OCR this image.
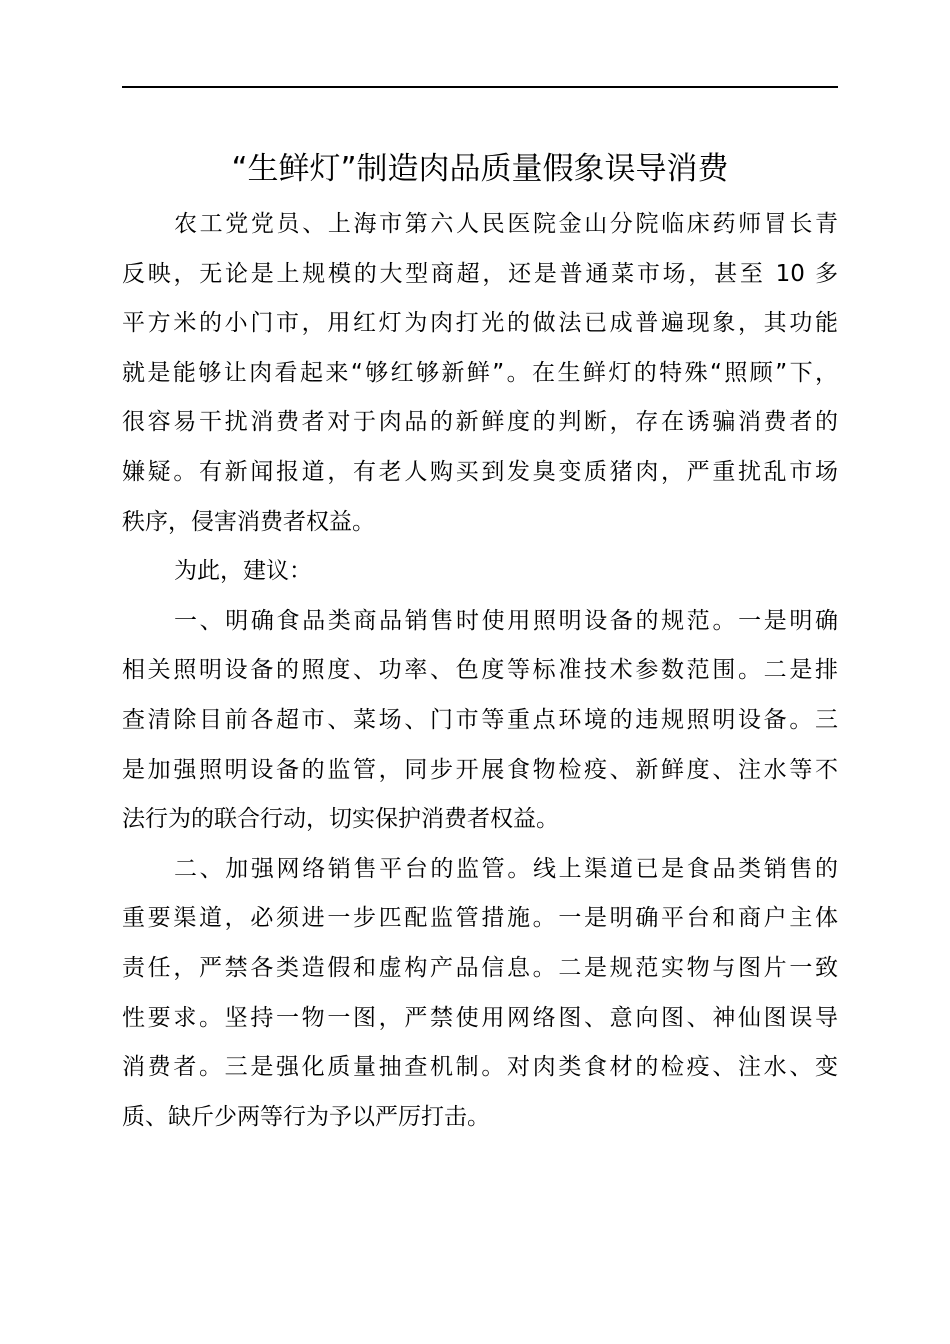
“生鲜灯”制造肉品质量假象误导消费
农工党党员、上海市第六人民医院金山分院临床药师冒长青
反映，无论是上规模的大型商超，还是普通菜市场，甚至 10 多
平方米的小门市，用红灯为肉打光的做法已成普遍现象，其功能
就是能够让肉看起来“够红够新鲜”。在生鲜灯的特殊“照顾”下，
很容易干扰消费者对于肉品的新鲜度的判断，存在诱骗消费者的
嫌疑。有新闻报道，有老人购买到发臭变质猪肉，严重扰乱市场
秩序，侵害消费者权益。
为此，建议：
一、明确食品类商品销售时使用照明设备的规范。一是明确
相关照明设备的照度、功率、色度等标准技术参数范围。二是排
查清除目前各超市、菜场、门市等重点环境的违规照明设备。三
是加强照明设备的监管，同步开展食物检疫、新鲜度、注水等不
法行为的联合行动，切实保护消费者权益。
二、加强网络销售平台的监管。线上渠道已是食品类销售的
重要渠道，必须进一步匹配监管措施。一是明确平台和商户主体
责任，严禁各类造假和虚构产品信息。二是规范实物与图片一致
性要求。坚持一物一图，严禁使用网络图、意向图、神仙图误导
消费者。三是强化质量抽查机制。对肉类食材的检疫、注水、变
质、缺斤少两等行为予以严厉打击。
